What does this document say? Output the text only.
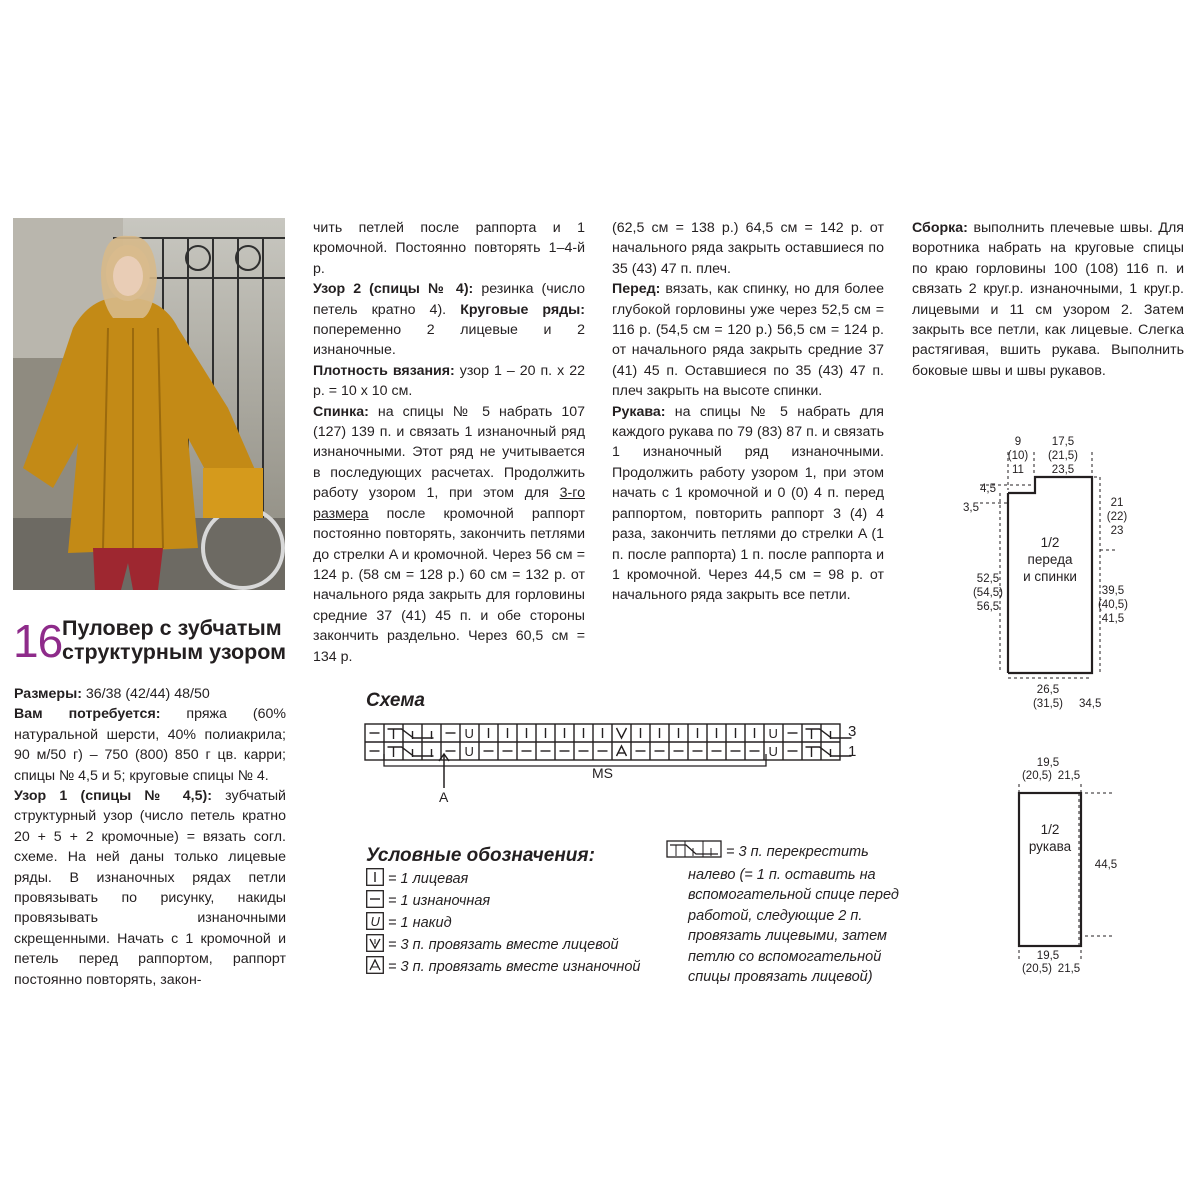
16 Пуловер с зубчатым
структурным узором

Размеры: 36/38 (42/44) 48/50

Вам потребуется: пряжа (60% натуральной шерсти, 40% полиакрила; 90 м/50 г) – 750 (800) 850 г цв. карри; спицы № 4,5 и 5; круговые спицы № 4.

Узор 1 (спицы № 4,5): зубчатый структурный узор (число петель кратно 20 + 5 + 2 кромочные) = вязать согл. схеме. На ней даны только лицевые ряды. В изнаночных рядах петли провязывать по рисунку, накиды провязывать изнаночными скрещенными. Начать с 1 кромочной и петель перед раппортом, раппорт постоянно повторять, закон-

чить петлей после раппорта и 1 кромочной. Постоянно повторять 1–4-й р.

Узор 2 (спицы № 4): резинка (число петель кратно 4). Круговые ряды: попеременно 2 лицевые и 2 изнаночные.

Плотность вязания: узор 1 – 20 п. х 22 р. = 10 х 10 см.

Спинка: на спицы № 5 набрать 107 (127) 139 п. и связать 1 изнаночный ряд изнаночными. Этот ряд не учитывается в последующих расчетах. Продолжить работу узором 1, при этом для 3-го размера после кромочной раппорт постоянно повторять, закончить петлями до стрелки A и кромочной. Через 56 см = 124 р. (58 см = 128 р.) 60 см = 132 р. от начального ряда закрыть для горловины средние 37 (41) 45 п. и обе стороны закончить раздельно. Через 60,5 см = 134 р.

(62,5 см = 138 р.) 64,5 см = 142 р. от начального ряда закрыть оставшиеся по 35 (43) 47 п. плеч.

Перед: вязать, как спинку, но для более глубокой горловины уже через 52,5 см = 116 р. (54,5 см = 120 р.) 56,5 см = 124 р. от начального ряда закрыть средние 37 (41) 45 п. Оставшиеся по 35 (43) 47 п. плеч закрыть на высоте спинки.

Рукава: на спицы № 5 набрать для каждого рукава по 79 (83) 87 п. и связать 1 изнаночный ряд изнаночными. Продолжить работу узором 1, при этом начать с 1 кромочной и 0 (0) 4 п. перед раппортом, повторить раппорт 3 (4) 4 раза, закончить петлями до стрелки A (1 п. после раппорта) 1 п. после раппорта и 1 кромочной. Через 44,5 см = 98 р. от начального ряда закрыть все петли.

Сборка: выполнить плечевые швы. Для воротника набрать на круговые спицы по краю горловины 100 (108) 116 п. и связать 2 круг.р. изнаночными, 1 круг.р. лицевыми и 11 см узором 2. Затем закрыть все петли, как лицевые. Слегка растягивая, вшить рукава. Выполнить боковые швы и швы рукавов.

Схема
U	U
U	U
3
1
MS
A
Условные обозначения:
= 1 лицевая
= 1 изнаночная
U = 1 накид
= 3 п. провязать вместе лицевой
= 3 п. провязать вместе изнаночной
= 3 п. перекрестить
налево (= 1 п. оставить на
вспомогательной спице перед
работой, следующие 2 п.
провязать лицевыми, затем
петлю со вспомогательной
спицы провязать лицевой)
9
(10)
11
17,5
(21,5)
23,5
4,5
3,5	21
(22)
23
52,5
(54,5)
56,5
39,5
(40,5)
41,5
26,5
(31,5) 34,5
1/2
переда
и спинки
19,5
(20,5) 21,5
44,5
19,5
(20,5) 21,5
1/2
рукава
